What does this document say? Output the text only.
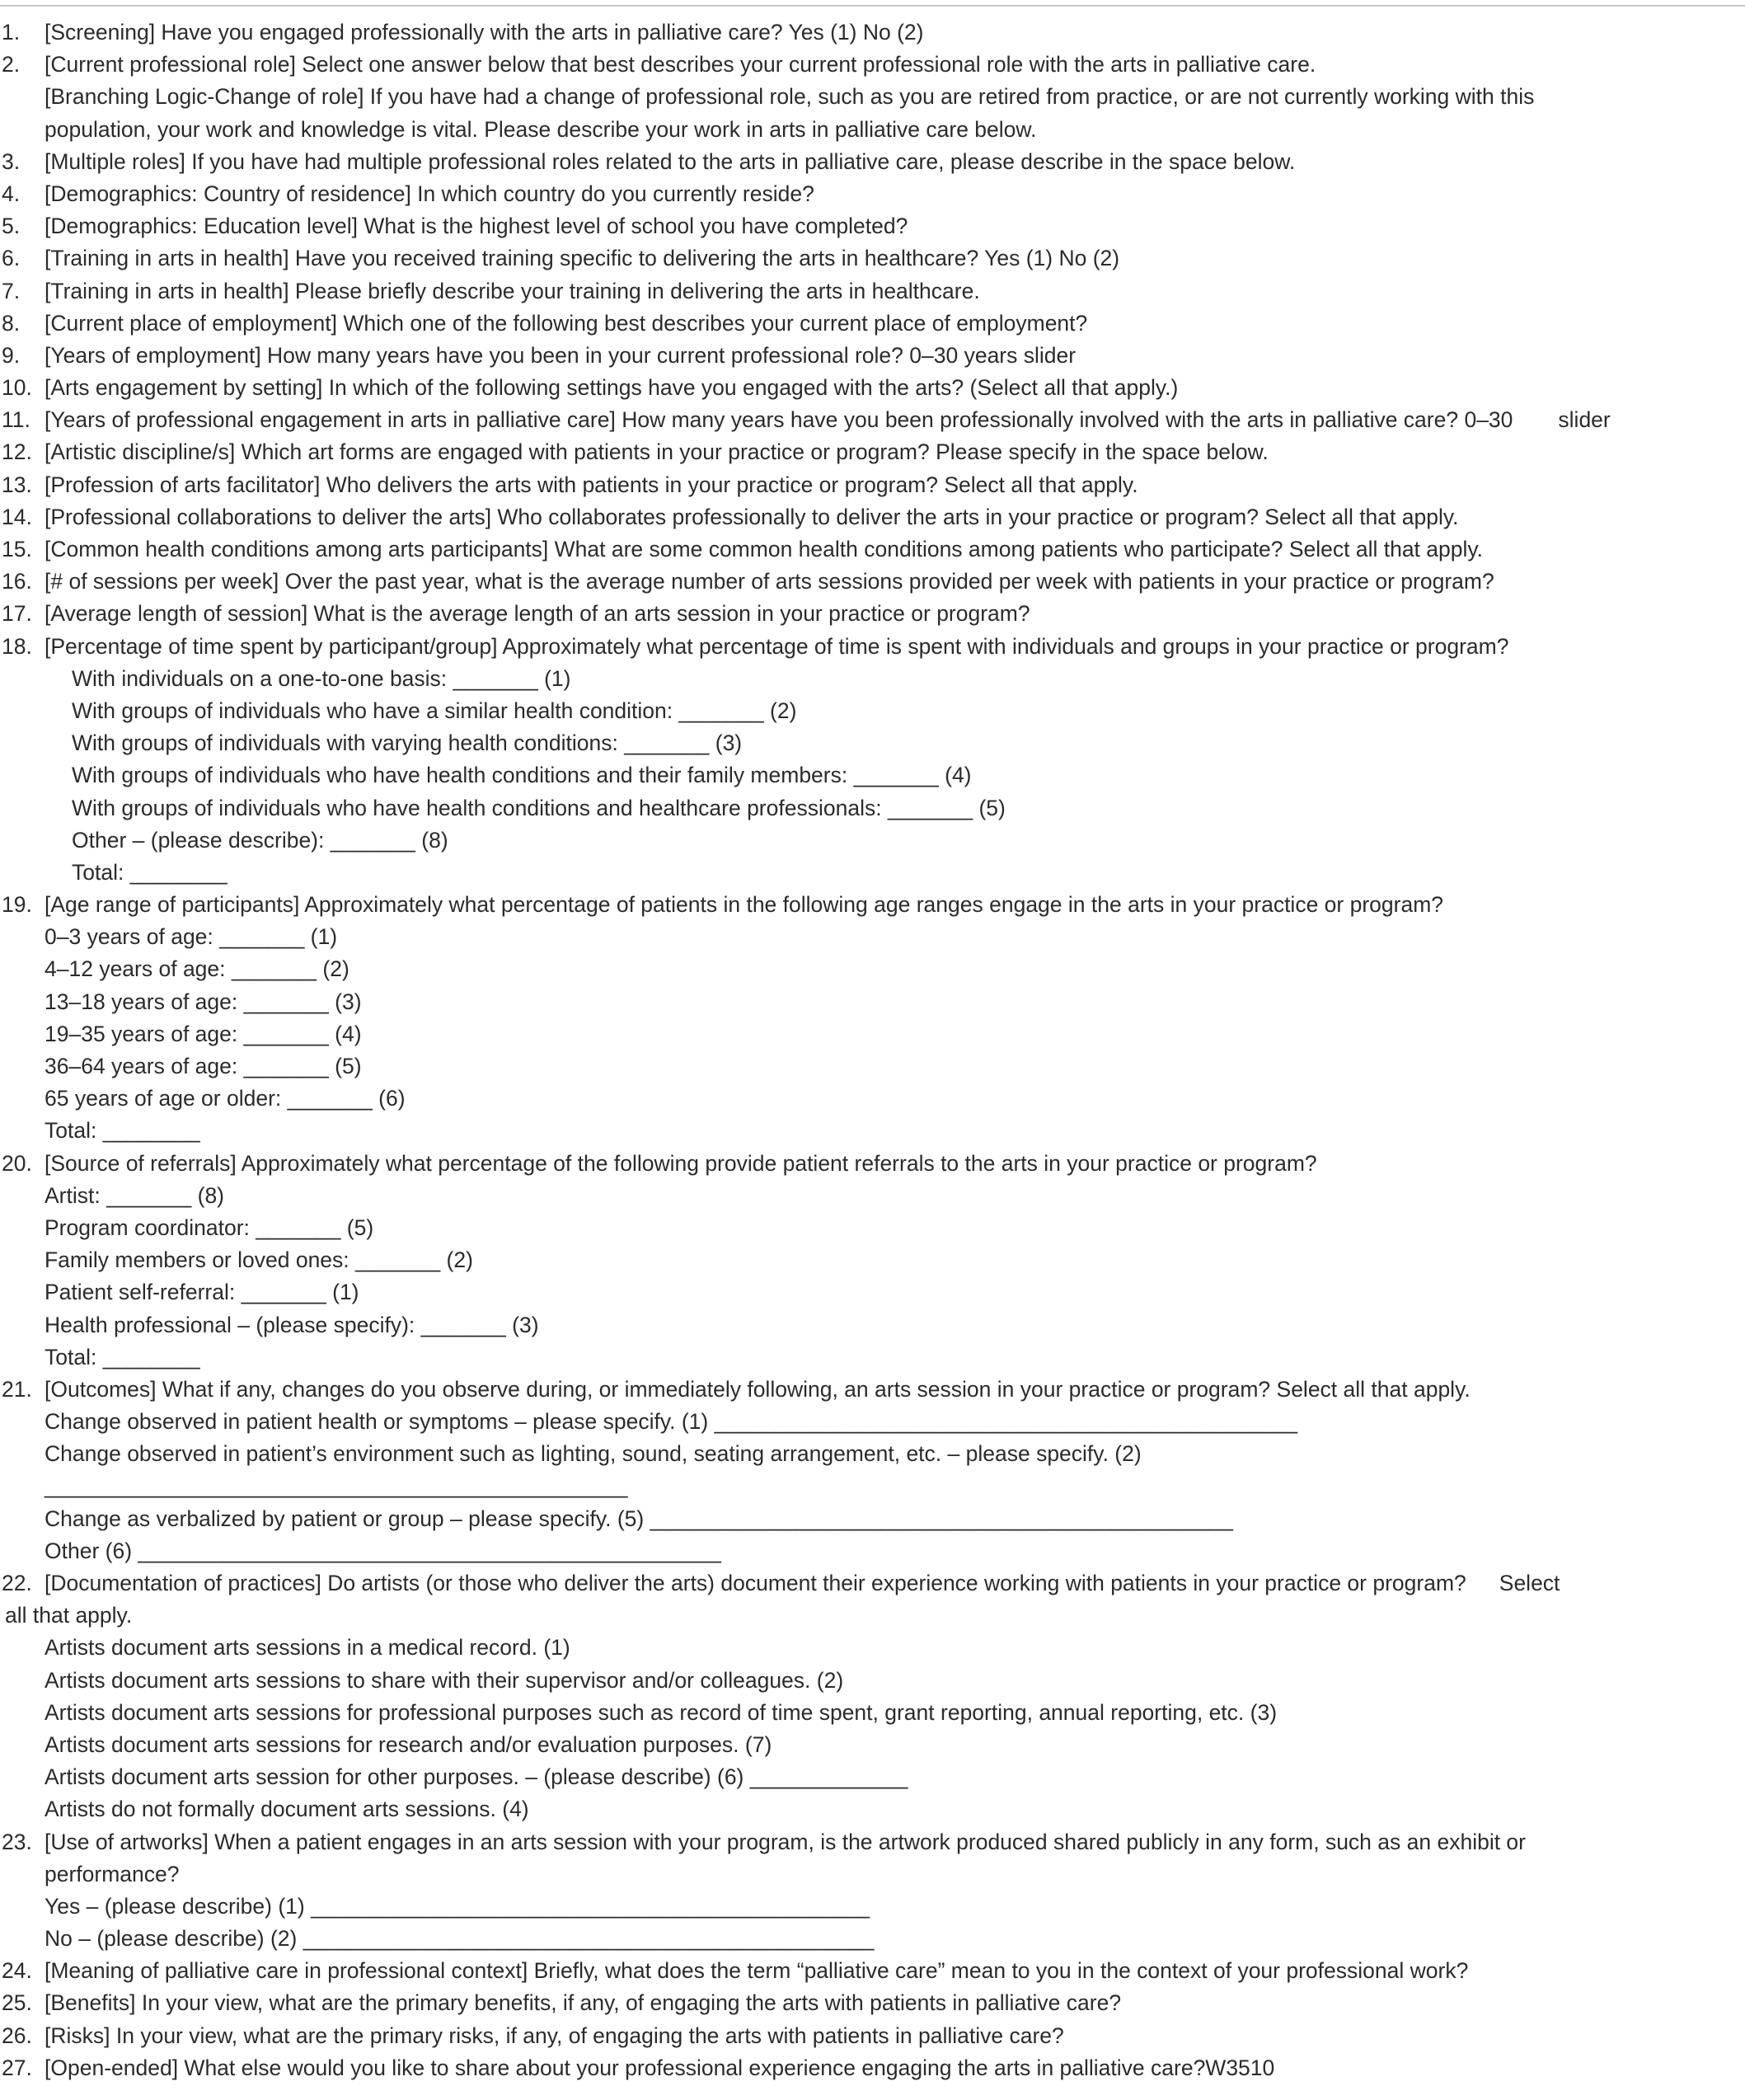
1. [Screening] Have you engaged professionally with the arts in palliative care? Yes (1) No (2)
2. [Current professional role] Select one answer below that best describes your current professional role with the arts in palliative care.
[Branching Logic-Change of role] If you have had a change of professional role, such as you are retired from practice, or are not currently working with this
population, your work and knowledge is vital. Please describe your work in arts in palliative care below.
3. [Multiple roles] If you have had multiple professional roles related to the arts in palliative care, please describe in the space below.
4. [Demographics: Country of residence] In which country do you currently reside?
5. [Demographics: Education level] What is the highest level of school you have completed?
6. [Training in arts in health] Have you received training specific to delivering the arts in healthcare? Yes (1) No (2)
7. [Training in arts in health] Please briefly describe your training in delivering the arts in healthcare.
8. [Current place of employment] Which one of the following best describes your current place of employment?
9. [Years of employment] How many years have you been in your current professional role? 0–30 years slider
10. [Arts engagement by setting] In which of the following settings have you engaged with the arts? (Select all that apply.)
11. [Years of professional engagement in arts in palliative care] How many years have you been professionally involved with the arts in palliative care? 0–30 slider
12. [Artistic discipline/s] Which art forms are engaged with patients in your practice or program? Please specify in the space below.
13. [Profession of arts facilitator] Who delivers the arts with patients in your practice or program? Select all that apply.
14. [Professional collaborations to deliver the arts] Who collaborates professionally to deliver the arts in your practice or program? Select all that apply.
15. [Common health conditions among arts participants] What are some common health conditions among patients who participate? Select all that apply.
16. [# of sessions per week] Over the past year, what is the average number of arts sessions provided per week with patients in your practice or program?
17. [Average length of session] What is the average length of an arts session in your practice or program?
18. [Percentage of time spent by participant/group] Approximately what percentage of time is spent with individuals and groups in your practice or program?
With individuals on a one-to-one basis: _______ (1)
With groups of individuals who have a similar health condition: _______ (2)
With groups of individuals with varying health conditions: _______ (3)
With groups of individuals who have health conditions and their family members: _______ (4)
With groups of individuals who have health conditions and healthcare professionals: _______ (5)
Other – (please describe): _______ (8)
Total: ________
19. [Age range of participants] Approximately what percentage of patients in the following age ranges engage in the arts in your practice or program?
0–3 years of age: _______ (1)
4–12 years of age: _______ (2)
13–18 years of age: _______ (3)
19–35 years of age: _______ (4)
36–64 years of age: _______ (5)
65 years of age or older: _______ (6)
Total: ________
20. [Source of referrals] Approximately what percentage of the following provide patient referrals to the arts in your practice or program?
Artist: _______ (8)
Program coordinator: _______ (5)
Family members or loved ones: _______ (2)
Patient self-referral: _______ (1)
Health professional – (please specify): _______ (3)
Total: ________
21. [Outcomes] What if any, changes do you observe during, or immediately following, an arts session in your practice or program? Select all that apply.
Change observed in patient health or symptoms – please specify. (1) ________________________________________________
Change observed in patient’s environment such as lighting, sound, seating arrangement, etc. – please specify. (2)
________________________________________________
Change as verbalized by patient or group – please specify. (5) ________________________________________________
Other (6) ________________________________________________
22. [Documentation of practices] Do artists (or those who deliver the arts) document their experience working with patients in your practice or program? Select
all that apply.
Artists document arts sessions in a medical record. (1)
Artists document arts sessions to share with their supervisor and/or colleagues. (2)
Artists document arts sessions for professional purposes such as record of time spent, grant reporting, annual reporting, etc. (3)
Artists document arts sessions for research and/or evaluation purposes. (7)
Artists document arts session for other purposes. – (please describe) (6) _____________
Artists do not formally document arts sessions. (4)
23. [Use of artworks] When a patient engages in an arts session with your program, is the artwork produced shared publicly in any form, such as an exhibit or
performance?
Yes – (please describe) (1) ______________________________________________
No – (please describe) (2) _______________________________________________
24. [Meaning of palliative care in professional context] Briefly, what does the term “palliative care” mean to you in the context of your professional work?
25. [Benefits] In your view, what are the primary benefits, if any, of engaging the arts with patients in palliative care?
26. [Risks] In your view, what are the primary risks, if any, of engaging the arts with patients in palliative care?
27. [Open-ended] What else would you like to share about your professional experience engaging the arts in palliative care?W3510
